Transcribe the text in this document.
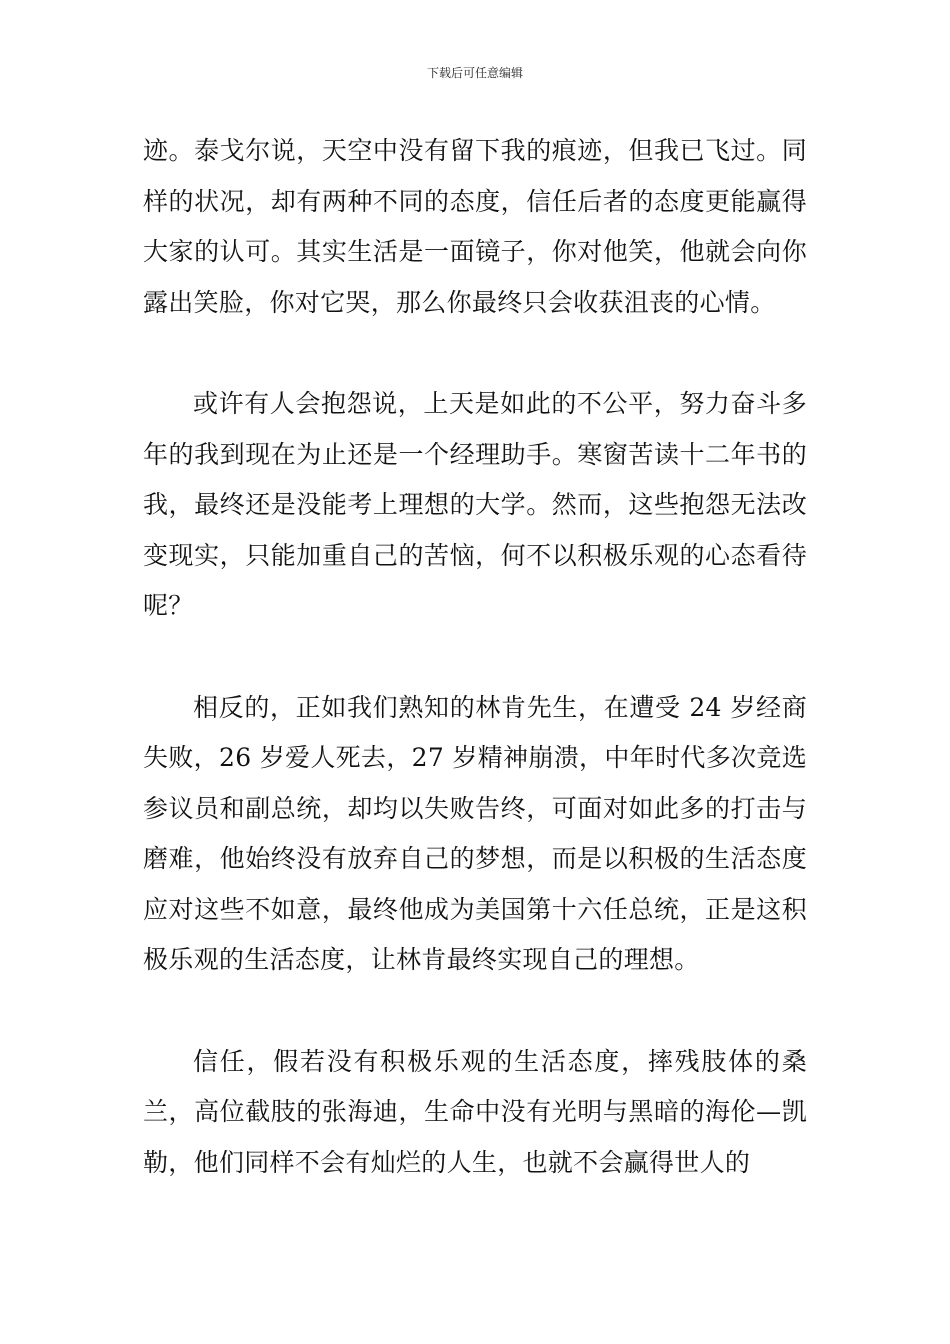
下载后可任意编辑

迹。泰戈尔说，天空中没有留下我的痕迹，但我已飞过。同样的状况，却有两种不同的态度，信任后者的态度更能赢得大家的认可。其实生活是一面镜子，你对他笑，他就会向你露出笑脸，你对它哭，那么你最终只会收获沮丧的心情。

或许有人会抱怨说，上天是如此的不公平，努力奋斗多年的我到现在为止还是一个经理助手。寒窗苦读十二年书的我，最终还是没能考上理想的大学。然而，这些抱怨无法改变现实，只能加重自己的苦恼，何不以积极乐观的心态看待呢？

相反的，正如我们熟知的林肯先生，在遭受 24 岁经商失败，26 岁爱人死去，27 岁精神崩溃，中年时代多次竞选参议员和副总统，却均以失败告终，可面对如此多的打击与磨难，他始终没有放弃自己的梦想，而是以积极的生活态度应对这些不如意，最终他成为美国第十六任总统，正是这积极乐观的生活态度，让林肯最终实现自己的理想。

信任，假若没有积极乐观的生活态度，摔残肢体的桑兰，高位截肢的张海迪，生命中没有光明与黑暗的海伦—凯勒，他们同样不会有灿烂的人生，也就不会赢得世人的
